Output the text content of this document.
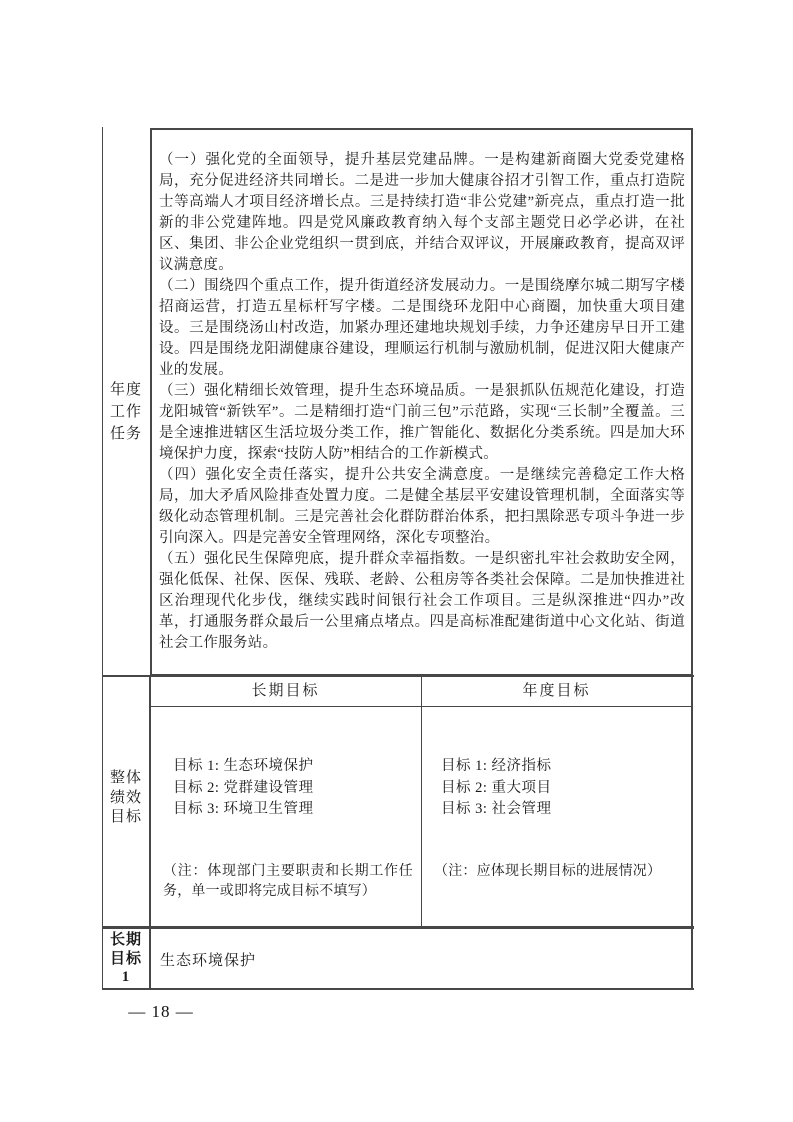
年度
工作
任务
（一）强化党的全面领导，提升基层党建品牌。一是构建新商圈大党委党建格局，充分促进经济共同增长。二是进一步加大健康谷招才引智工作，重点打造院士等高端人才项目经济增长点。三是持续打造“非公党建”新亮点，重点打造一批新的非公党建阵地。四是党风廉政教育纳入每个支部主题党日必学必讲，在社区、集团、非公企业党组织一贯到底，并结合双评议，开展廉政教育，提高双评议满意度。
（二）围绕四个重点工作，提升街道经济发展动力。一是围绕摩尔城二期写字楼招商运营，打造五星标杆写字楼。二是围绕环龙阳中心商圈，加快重大项目建设。三是围绕汤山村改造，加紧办理还建地块规划手续，力争还建房早日开工建设。四是围绕龙阳湖健康谷建设，理顺运行机制与激励机制，促进汉阳大健康产业的发展。
（三）强化精细长效管理，提升生态环境品质。一是狠抓队伍规范化建设，打造龙阳城管“新铁军”。二是精细打造“门前三包”示范路，实现“三长制”全覆盖。三是全速推进辖区生活垃圾分类工作，推广智能化、数据化分类系统。四是加大环境保护力度，探索“技防人防”相结合的工作新模式。
（四）强化安全责任落实，提升公共安全满意度。一是继续完善稳定工作大格局，加大矛盾风险排查处置力度。二是健全基层平安建设管理机制，全面落实等级化动态管理机制。三是完善社会化群防群治体系，把扫黑除恶专项斗争进一步引向深入。四是完善安全管理网络，深化专项整治。
（五）强化民生保障兜底，提升群众幸福指数。一是织密扎牢社会救助安全网，强化低保、社保、医保、残联、老龄、公租房等各类社会保障。二是加快推进社区治理现代化步伐，继续实践时间银行社会工作项目。三是纵深推进“四办”改革，打通服务群众最后一公里痛点堵点。四是高标准配建街道中心文化站、街道社会工作服务站。
整体
绩效
目标
长期目标	年度目标
目标 1: 生态环境保护
目标 2: 党群建设管理
目标 3: 环境卫生管理
目标 1: 经济指标
目标 2: 重大项目
目标 3: 社会管理
（注：体现部门主要职责和长期工作任务，单一或即将完成目标不填写）
（注：应体现长期目标的进展情况）
长期
目标
1
生态环境保护
— 18 —
